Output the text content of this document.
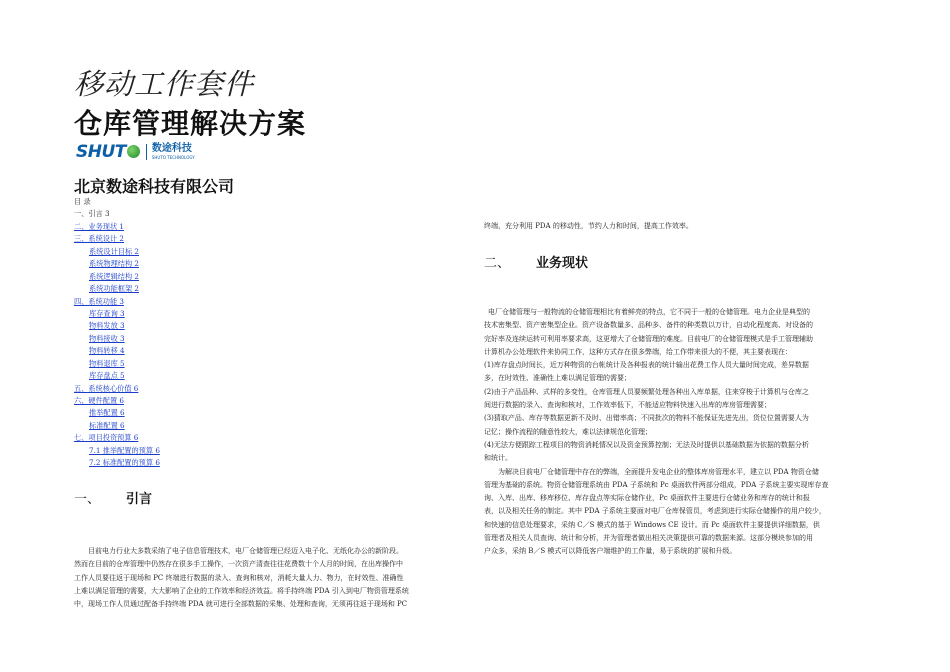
移动工作套件
仓库管理解决方案
SHUT	数途科技
SHUTO TECHNOLOGY
北京数途科技有限公司
目 录
一、引言 3
二、业务现状 1
三、系统设计 2
系统设计目标 2
系统物理结构 2
系统逻辑结构 2
系统功能框架 2
四、系统功能 3
库存查询 3
物料发放 3
物料接收 3
物料转移 4
物料退库 5
库存盘点 5
五、系统核心价值 6
六、硬件配置 6
推举配置 6
标准配置 6
七、项目投资预算 6
7.1 推举配置的预算 6
7.2 标准配置的预算 6
一、 引言
目前电力行业大多数采纳了电子信息管理技术，电厂仓储管理已经迈入电子化、无纸化办公的新阶段。
然而在目前的仓库管理中仍然存在很多手工操作，一次资产清查往往花费数十个人月的时间，在出库操作中
工作人员要往返于现场和 PC 终端进行数据的录入、查询和核对，消耗大量人力、物力，在时效性、准确性
上难以满足管理的需要，大大影响了企业的工作效率和经济效益。将手持终端 PDA 引入到电厂物资管理系统
中，现场工作人员通过配备手持终端 PDA 就可进行全部数据的采集、处理和查询，无须再往返于现场和 PC
终端，充分利用 PDA 的移动性，节约人力和时间，提高工作效率。
二、 业务现状
电厂仓储管理与一般物流的仓储管理相比有着鲜亮的特点，它不同于一般的仓储管理。电力企业是典型的
技术密集型、资产密集型企业。资产设备数量多、品种多、备件的种类数以万计，自动化程度高、对设备的
完好率及连续运转可利用率要求高，这更增大了仓储管理的难度。目前电厂的仓储管理模式是手工管理辅助
计算机办公处理软件来协同工作，这种方式存在很多弊端，给工作带来很大的不便，其主要表现在：
(1)库存盘点时间长，近万种物资的台帐统计及各种报表的统计输出花费工作人员大量时间完成，差异数据
多，在时效性、准确性上难以满足管理的需要；
(2)由于产品品种、式样的多变性，仓库管理人员要频繁处理各种出入库单据，往来穿梭于计算机与仓库之
间进行数据的录入、查询和核对，工作效率低下，不能适应物料快速入出库的库房管理需要；
(3)猜取产品、库存等数据更新不及时、出错率高；不同批次的物料不能保证先进先出，货位位置需要人为
记忆；操作流程的随意性较大，难以法律规范化管理；
(4)无法方便跟踪工程项目的物资消耗情况以及资金预算控制；无法及时提供以基础数据为依据的数据分析
和统计。
为解决目前电厂仓储管理中存在的弊端，全面提升发电企业的整体库房管理水平，建立以 PDA 物资仓储
管理为基础的系统。物资仓储管理系统由 PDA 子系统和 Pc 桌面软件两部分组成，PDA 子系统主要实现库存查
询、入库、出库、移库移位、库存盘点等实际仓储作业，Pc 桌面软件主要进行仓储业务和库存的统计和报
表，以及相关任务的制定。其中 PDA 子系统主要面对电厂仓库保管员，考虑到进行实际仓储操作的用户较少，
和快速的信息处理要求，采纳 C／S 模式的基于 Windows CE 设计。而 Pc 桌面软件主要提供详细数据，供
管理者及相关人员查询、统计和分析，并为管理者做出相关决策提供可靠的数据来源。这部分模块参加的用
户众多，采纳 B／S 模式可以降低客户端维护的工作量，易于系统的扩展和升级。
